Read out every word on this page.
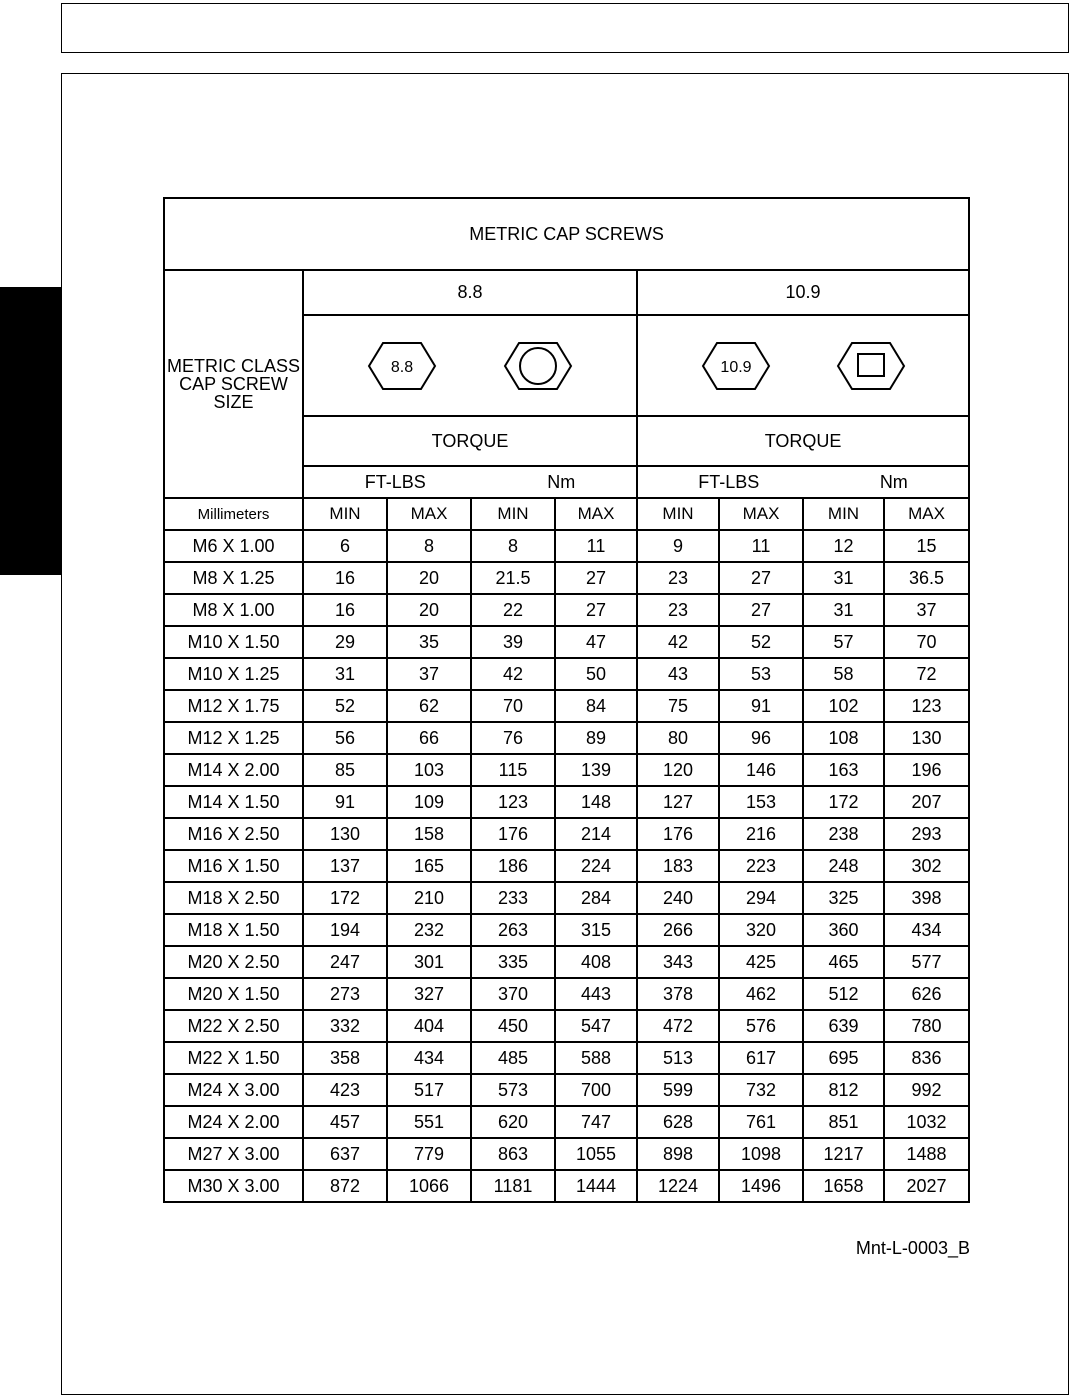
METRIC CAP SCREWS								

METRIC CLASS
CAP SCREW
SIZE	8.8				10.9			

8.8				10.9			

	TORQUE				TORQUE			

	FT-LBS Nm				FT-LBS Nm			

Millimeters	MIN	MAX	MIN	MAX	MIN	MAX	MIN	MAX
M6 X 1.00	6	8	8	11	9	11	12	15
M8 X 1.25	16	20	21.5	27	23	27	31	36.5
M8 X 1.00	16	20	22	27	23	27	31	37
M10 X 1.50	29	35	39	47	42	52	57	70
M10 X 1.25	31	37	42	50	43	53	58	72
M12 X 1.75	52	62	70	84	75	91	102	123
M12 X 1.25	56	66	76	89	80	96	108	130
M14 X 2.00	85	103	115	139	120	146	163	196
M14 X 1.50	91	109	123	148	127	153	172	207
M16 X 2.50	130	158	176	214	176	216	238	293
M16 X 1.50	137	165	186	224	183	223	248	302
M18 X 2.50	172	210	233	284	240	294	325	398
M18 X 1.50	194	232	263	315	266	320	360	434
M20 X 2.50	247	301	335	408	343	425	465	577
M20 X 1.50	273	327	370	443	378	462	512	626
M22 X 2.50	332	404	450	547	472	576	639	780
M22 X 1.50	358	434	485	588	513	617	695	836
M24 X 3.00	423	517	573	700	599	732	812	992
M24 X 2.00	457	551	620	747	628	761	851	1032
M27 X 3.00	637	779	863	1055	898	1098	1217	1488
M30 X 3.00	872	1066	1181	1444	1224	1496	1658	2027
Mnt-L-0003_B
